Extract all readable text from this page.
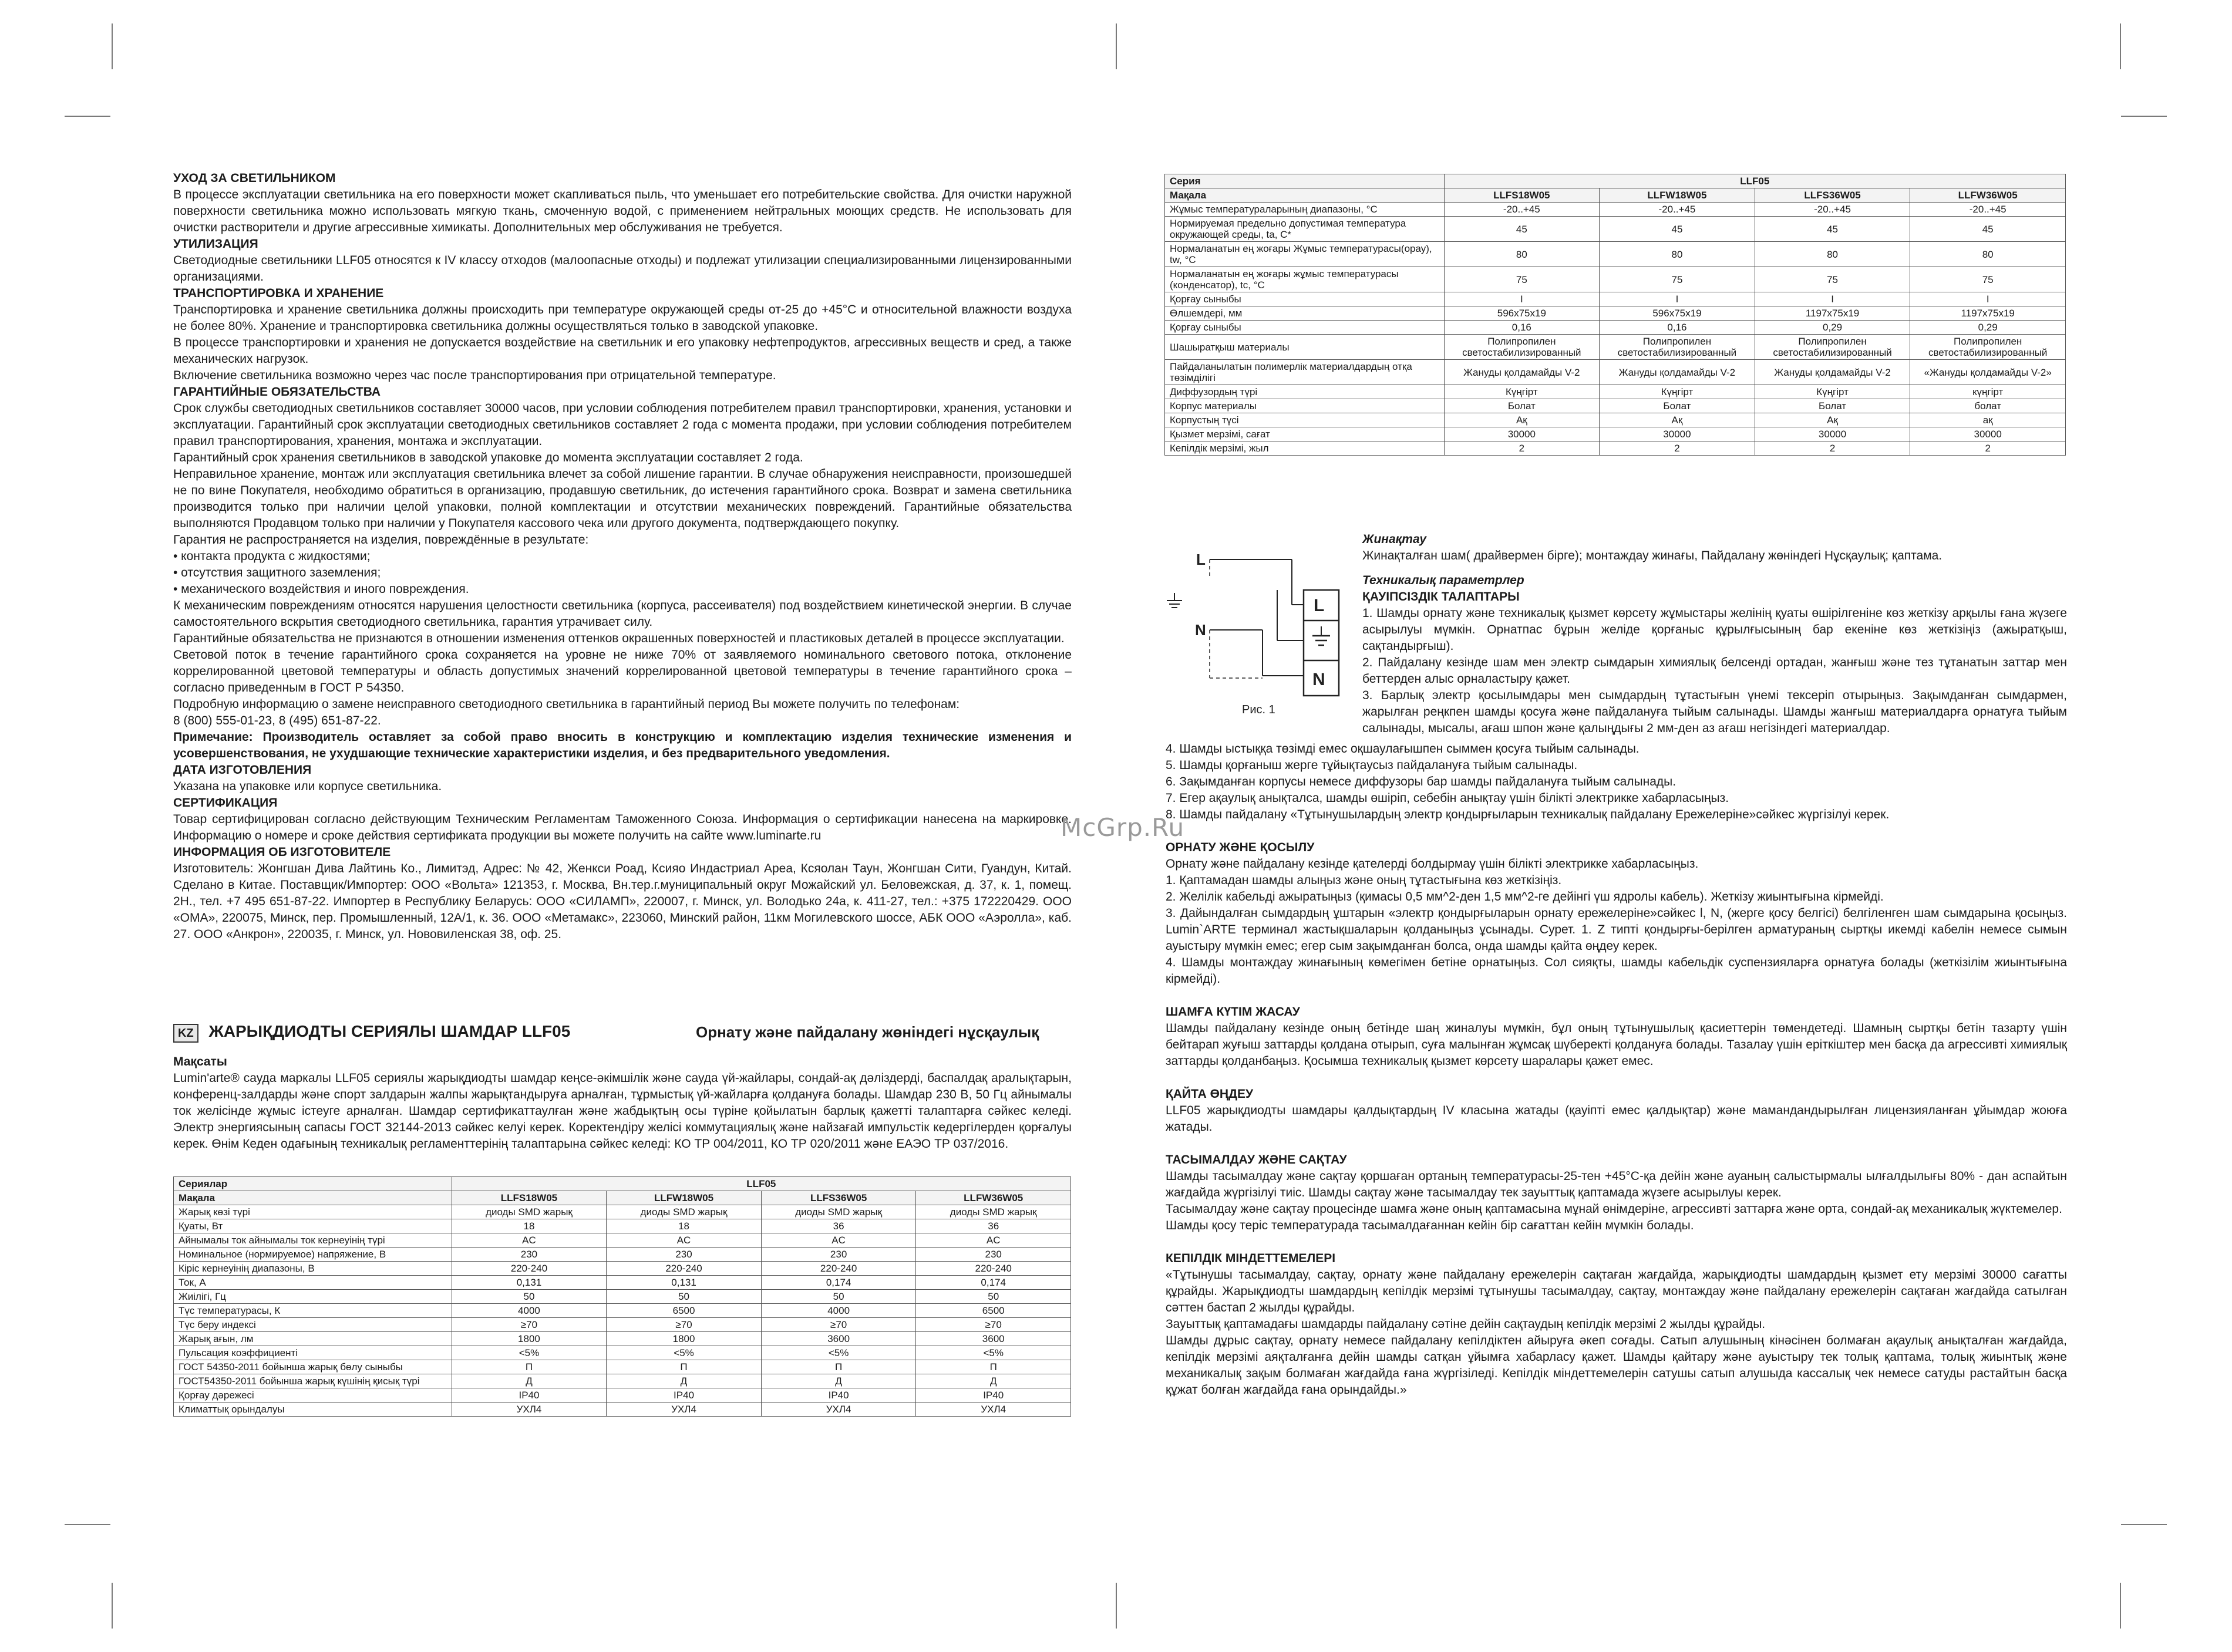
УХОД ЗА СВЕТИЛЬНИКОМ

В процессе эксплуатации светильника на его поверхности может скапливаться пыль, что уменьшает его потребительские свойства. Для очистки наружной поверхности светильника можно использовать мягкую ткань, смоченную водой, с применением нейтральных моющих средств. Не использовать для очистки растворители и другие агрессивные химикаты. Дополнительных мер обслуживания не требуется.

УТИЛИЗАЦИЯ

Светодиодные светильники LLF05 относятся к IV классу отходов (малоопасные отходы) и подлежат утилизации специализированными лицензированными организациями.

ТРАНСПОРТИРОВКА И ХРАНЕНИЕ

Транспортировка и хранение светильника должны происходить при температуре окружающей среды от-25 до +45°С и относительной влажности воздуха не более 80%. Хранение и транспортировка светильника должны осуществляться только в заводской упаковке.

В процессе транспортировки и хранения не допускается воздействие на светильник и его упаковку нефтепродуктов, агрессивных веществ и сред, а также механических нагрузок.

Включение светильника возможно через час после транспортирования при отрицательной температуре.

ГАРАНТИЙНЫЕ ОБЯЗАТЕЛЬСТВА

Срок службы светодиодных светильников составляет 30000 часов, при условии соблюдения потребителем правил транспортировки, хранения, установки и эксплуатации. Гарантийный срок эксплуатации светодиодных светильников составляет 2 года с момента продажи, при условии соблюдения потребителем правил транспортирования, хранения, монтажа и эксплуатации.

Гарантийный срок хранения светильников в заводской упаковке до момента эксплуатации составляет 2 года.

Неправильное хранение, монтаж или эксплуатация светильника влечет за собой лишение гарантии. В случае обнаружения неисправности, произошедшей не по вине Покупателя, необходимо обратиться в организацию, продавшую светильник, до истечения гарантийного срока. Возврат и замена светильника производится только при наличии целой упаковки, полной комплектации и отсутствии механических повреждений. Гарантийные обязательства выполняются Продавцом только при наличии у Покупателя кассового чека или другого документа, подтверждающего покупку.

Гарантия не распространяется на изделия, повреждённые в результате:

• контакта продукта с жидкостями;

• отсутствия защитного заземления;

• механического воздействия и иного повреждения.

К механическим повреждениям относятся нарушения целостности светильника (корпуса, рассеивателя) под воздействием кинетической энергии. В случае самостоятельного вскрытия светодиодного светильника, гарантия утрачивает силу.

Гарантийные обязательства не признаются в отношении изменения оттенков окрашенных поверхностей и пластиковых деталей в процессе эксплуатации.

Световой поток в течение гарантийного срока сохраняется на уровне не ниже 70% от заявляемого номинального светового потока, отклонение коррелированной цветовой температуры и область допустимых значений коррелированной цветовой температуры в течение гарантийного срока – согласно приведенным в ГОСТ Р 54350.

Подробную информацию о замене неисправного светодиодного светильника в гарантийный период Вы можете получить по телефонам:

8 (800) 555-01-23, 8 (495) 651-87-22.

Примечание: Производитель оставляет за собой право вносить в конструкцию и комплектацию изделия технические изменения и усовершенствования, не ухудшающие технические характеристики изделия, и без предварительного уведомления.

ДАТА ИЗГОТОВЛЕНИЯ

Указана на упаковке или корпусе светильника.

СЕРТИФИКАЦИЯ

Товар сертифицирован согласно действующим Техническим Регламентам Таможенного Союза. Информация о сертификации нанесена на маркировке. Информацию о номере и сроке действия сертификата продукции вы можете получить на сайте www.luminarte.ru

ИНФОРМАЦИЯ ОБ ИЗГОТОВИТЕЛЕ

Изготовитель: Жонгшан Дива Лайтинь Ко., Лимитэд, Адрес: № 42, Женкси Роад, Ксияо Индастриал Ареа, Ксяолан Таун, Жонгшан Сити, Гуандун, Китай. Сделано в Китае. Поставщик/Импортер: ООО «Вольта» 121353, г. Москва, Вн.тер.г.муниципальный округ Можайский ул. Беловежская, д. 37, к. 1, помещ. 2Н., тел. +7 495 651-87-22. Импортер в Республику Беларусь: ООО «СИЛАМП», 220007, г. Минск, ул. Володько 24а, к. 411-27, тел.: +375 172220429. ООО «ОМА», 220075, Минск, пер. Промышленный, 12А/1, к. 36. ООО «Метамакс», 223060, Минский район, 11км Могилевского шоссе, АБК ООО «Аэролла», каб. 27. ООО «Анкрон», 220035, г. Минск, ул. Нововиленская 38, оф. 25.

KZ ЖАРЫҚДИОДТЫ СЕРИЯЛЫ ШАМДАР LLF05	Орнату және пайдалану жөніндегі нұсқаулық
Мақсаты

Lumin'arte® сауда маркалы LLF05 сериялы жарықдиодты шамдар кеңсе-әкімшілік және сауда үй-жайлары, сондай-ақ дәліздерді, баспалдақ аралықтарын, конференц-залдарды және спорт залдарын жалпы жарықтандыруға арналған, тұрмыстық үй-жайларға қолдануға болады. Шамдар 230 В, 50 Гц айнымалы ток желісінде жұмыс істеуге арналған. Шамдар сертификаттаулған және жабдықтың осы түріне қойылатын барлық қажетті талаптарға сәйкес келеді. Электр энергиясының сапасы ГОСТ 32144-2013 сәйкес келуі керек. Коректендіру желісі коммутациялық және найзағай импульстік кедергілерден қорғалуы керек. Өнім Кеден одағының техникалық регламенттерінің талаптарына сәйкес келеді: КО ТР 004/2011, КО ТР 020/2011 және ЕАЭО ТР 037/2016.

Сериялар	LLF05			
Мақала	LLFS18W05	LLFW18W05	LLFS36W05	LLFW36W05
Жарық көзі түрі	диоды SMD жарық	диоды SMD жарық	диоды SMD жарық	диоды SMD жарық
Қуаты, Вт	18	18	36	36
Айнымалы ток айнымалы ток кернеуінің түрі	AC	AC	AC	AC
Номинальное (нормируемое) напряжение, В	230	230	230	230
Кіріс кернеуінің диапазоны, В	220-240	220-240	220-240	220-240
Ток, А	0,131	0,131	0,174	0,174
Жиілігі, Гц	50	50	50	50
Түс температурасы, К	4000	6500	4000	6500
Түс беру индексі	≥70	≥70	≥70	≥70
Жарық ағын, лм	1800	1800	3600	3600
Пульсация коэффициенті	<5%	<5%	<5%	<5%
ГОСТ 54350-2011 бойынша жарық бөлу сыныбы	П	П	П	П
ГОСТ54350-2011 бойынша жарық күшінің қисық түрі	Д	Д	Д	Д
Қорғау дәрежесі	IP40	IP40	IP40	IP40
Климаттық орындалуы	УХЛ4	УХЛ4	УХЛ4	УХЛ4
Серия	LLF05			
Мақала	LLFS18W05	LLFW18W05	LLFS36W05	LLFW36W05
Жұмыс температураларының диапазоны, °С	-20..+45	-20..+45	-20..+45	-20..+45
Нормируемая предельно допустимая температура окружающей среды, ta, C*	45	45	45	45
Нормаланатын ең жоғары Жұмыс температурасы(орау), tw, °С	80	80	80	80
Нормаланатын ең жоғары жұмыс температурасы (конденсатор), tc, °С	75	75	75	75
Қорғау сыныбы	I	I	I	I
Өлшемдері, мм	596x75x19	596x75x19	1197x75x19	1197x75x19
Қорғау сыныбы	0,16	0,16	0,29	0,29
Шашыратқыш материалы	Полипропилен светостабилизированный	Полипропилен светостабилизированный	Полипропилен светостабилизированный	Полипропилен светостабилизированный
Пайдаланылатын полимерлік материалдардың отқа төзімділігі	Жануды қолдамайды V-2	Жануды қолдамайды V-2	Жануды қолдамайды V-2	«Жануды қолдамайды V-2»
Диффузордың түрі	Күңгірт	Күңгірт	Күңгірт	күңгірт
Корпус материалы	Болат	Болат	Болат	болат
Корпустың түсі	Ақ	Ақ	Ақ	ақ
Қызмет мерзімі, сағат	30000	30000	30000	30000
Кепілдік мерзімі, жыл	2	2	2	2
L
N
L
N
Рис. 1
Жинақтау

Жинақталған шам( драйвермен бірге); монтаждау жинағы, Пайдалану жөніндегі Нұсқаулық; қаптама.

Техникалық параметрлер
ҚАУІПСІЗДІК ТАЛАПТАРЫ

1. Шамды орнату және техникалық қызмет көрсету жұмыстары желінің қуаты өшірілгеніне көз жеткізу арқылы ғана жүзеге асырылуы мүмкін. Орнатпас бұрын желіде қорғаныс құрылғысының бар екеніне көз жеткізіңіз (ажыратқыш, сақтандырғыш).

2. Пайдалану кезінде шам мен электр сымдарын химиялық белсенді ортадан, жанғыш және тез тұтанатын заттар мен беттерден алыс орналастыру қажет.

3. Барлық электр қосылымдары мен сымдардың тұтастығын үнемі тексеріп отырыңыз. Зақымданған сымдармен, жарылған реңкпен шамды қосуға және пайдалануға тыйым салынады. Шамды жанғыш материалдарға орнатуға тыйым салынады, мысалы, ағаш шпон және қалыңдығы 2 мм-ден аз ағаш негізіндегі материалдар.

4. Шамды ыстыққа төзімді емес оқшаулағышпен сыммен қосуға тыйым салынады.

5. Шамды қорғаныш жерге тұйықтаусыз пайдалануға тыйым салынады.

6. Зақымданған корпусы немесе диффузоры бар шамды пайдалануға тыйым салынады.

7. Егер ақаулық анықталса, шамды өшіріп, себебін анықтау үшін білікті электрикке хабарласыңыз.

8. Шамды пайдалану «Тұтынушылардың электр қондырғыларын техникалық пайдалану Ережелеріне»сәйкес жүргізілуі керек.

ОРНАТУ ЖӘНЕ ҚОСЫЛУ

Орнату және пайдалану кезінде қателерді болдырмау үшін білікті электрикке хабарласыңыз.

1. Қаптамадан шамды алыңыз және оның тұтастығына көз жеткізіңіз.

2. Желілік кабельді ажыратыңыз (қимасы 0,5 мм^2-ден 1,5 мм^2-ге дейінгі үш ядролы кабель). Жеткізу жиынтығына кірмейді.

3. Дайындалған сымдардың ұштарын «электр қондырғыларын орнату ережелеріне»сәйкес l, N, (жерге қосу белгісі) белгіленген шам сымдарына қосыңыз. Lumin`ARTE терминал жастықшаларын қолданыңыз ұсынады. Сурет. 1. Z типті қондырғы-берілген арматураның сыртқы икемді кабелін немесе сымын ауыстыру мүмкін емес; егер сым зақымданған болса, онда шамды қайта өңдеу керек.

4. Шамды монтаждау жинағының көмегімен бетіне орнатыңыз. Сол сияқты, шамды кабельдік суспензияларға орнатуға болады (жеткізілім жиынтығына кірмейді).

ШАМҒА КҮТІМ ЖАСАУ

Шамды пайдалану кезінде оның бетінде шаң жиналуы мүмкін, бұл оның тұтынушылық қасиеттерін төмендетеді. Шамның сыртқы бетін тазарту үшін бейтарап жуғыш заттарды қолдана отырып, суға малынған жұмсақ шүберекті қолдануға болады. Тазалау үшін еріткіштер мен басқа да агрессивті химиялық заттарды қолданбаңыз. Қосымша техникалық қызмет көрсету шаралары қажет емес.

ҚАЙТА ӨҢДЕУ

LLF05 жарықдиодты шамдары қалдықтардың IV класына жатады (қауіпті емес қалдықтар) және мамандандырылған лицензияланған ұйымдар жоюға жатады.

ТАСЫМАЛДАУ ЖӘНЕ САҚТАУ

Шамды тасымалдау және сақтау қоршаған ортаның температурасы-25-тен +45°С-қа дейін және ауаның салыстырмалы ылғалдылығы 80% - дан аспайтын жағдайда жүргізілуі тиіс. Шамды сақтау және тасымалдау тек зауыттық қаптамада жүзеге асырылуы керек.

Тасымалдау және сақтау процесінде шамға және оның қаптамасына мұнай өнімдеріне, агрессивті заттарға және орта, сондай-ақ механикалық жүктемелер.

Шамды қосу теріс температурада тасымалдағаннан кейін бір сағаттан кейін мүмкін болады.

КЕПІЛДІК МІНДЕТТЕМЕЛЕРІ

«Тұтынушы тасымалдау, сақтау, орнату және пайдалану ережелерін сақтаған жағдайда, жарықдиодты шамдардың қызмет ету мерзімі 30000 сағатты құрайды. Жарықдиодты шамдардың кепілдік мерзімі тұтынушы тасымалдау, сақтау, монтаждау және пайдалану ережелерін сақтаған жағдайда сатылған сәттен бастап 2 жылды құрайды.

Зауыттық қаптамадағы шамдарды пайдалану сәтіне дейін сақтаудың кепілдік мерзімі 2 жылды құрайды.

Шамды дұрыс сақтау, орнату немесе пайдалану кепілдіктен айыруға әкеп соғады. Сатып алушының кінәсінен болмаған ақаулық анықталған жағдайда, кепілдік мерзімі аяқталғанға дейін шамды сатқан ұйымға хабарласу қажет. Шамды қайтару және ауыстыру тек толық қаптама, толық жиынтық және механикалық зақым болмаған жағдайда ғана жүргізіледі. Кепілдік міндеттемелерін сатушы сатып алушыда кассалық чек немесе сатуды растайтын басқа құжат болған жағдайда ғана орындайды.»

McGrp.Ru
